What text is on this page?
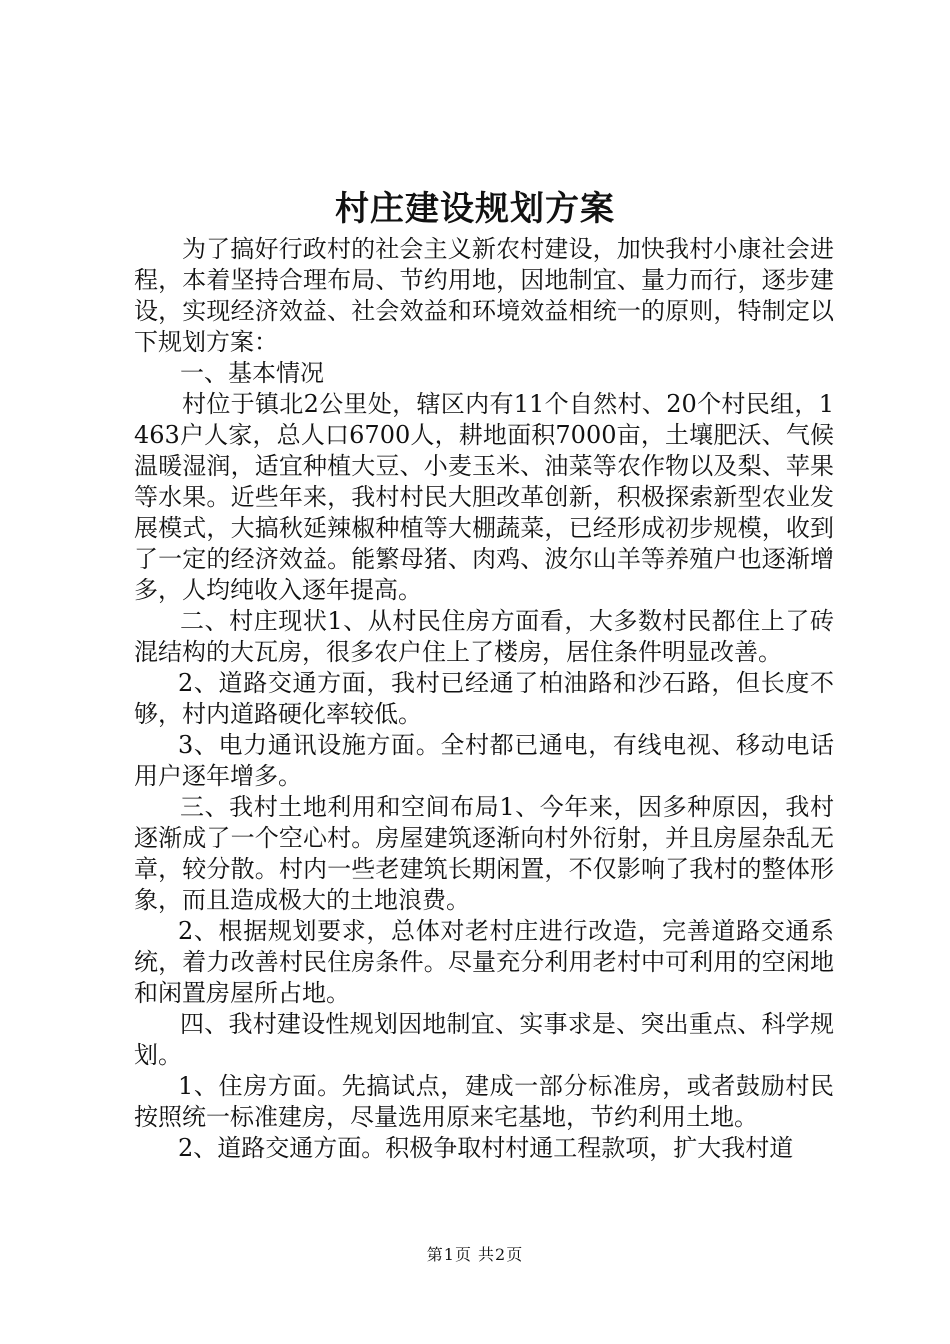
村庄建设规划方案

为了搞好行政村的社会主义新农村建设，加快我村小康社会进程，本着坚持合理布局、节约用地，因地制宜、量力而行，逐步建设，实现经济效益、社会效益和环境效益相统一的原则，特制定以下规划方案：

一、基本情况

村位于镇北2公里处，辖区内有11个自然村、20个村民组，1463户人家，总人口6700人，耕地面积7000亩，土壤肥沃、气候温暖湿润，适宜种植大豆、小麦玉米、油菜等农作物以及梨、苹果等水果。近些年来，我村村民大胆改革创新，积极探索新型农业发展模式，大搞秋延辣椒种植等大棚蔬菜，已经形成初步规模，收到了一定的经济效益。能繁母猪、肉鸡、波尔山羊等养殖户也逐渐增多，人均纯收入逐年提高。

二、村庄现状1、从村民住房方面看，大多数村民都住上了砖混结构的大瓦房，很多农户住上了楼房，居住条件明显改善。

2、道路交通方面，我村已经通了柏油路和沙石路，但长度不够，村内道路硬化率较低。

3、电力通讯设施方面。全村都已通电，有线电视、移动电话用户逐年增多。

三、我村土地利用和空间布局1、今年来，因多种原因，我村逐渐成了一个空心村。房屋建筑逐渐向村外衍射，并且房屋杂乱无章，较分散。村内一些老建筑长期闲置，不仅影响了我村的整体形象，而且造成极大的土地浪费。

2、根据规划要求，总体对老村庄进行改造，完善道路交通系统，着力改善村民住房条件。尽量充分利用老村中可利用的空闲地和闲置房屋所占地。

四、我村建设性规划因地制宜、实事求是、突出重点、科学规划。

1、住房方面。先搞试点，建成一部分标准房，或者鼓励村民按照统一标准建房，尽量选用原来宅基地，节约利用土地。

2、道路交通方面。积极争取村村通工程款项，扩大我村道

第1页 共2页
